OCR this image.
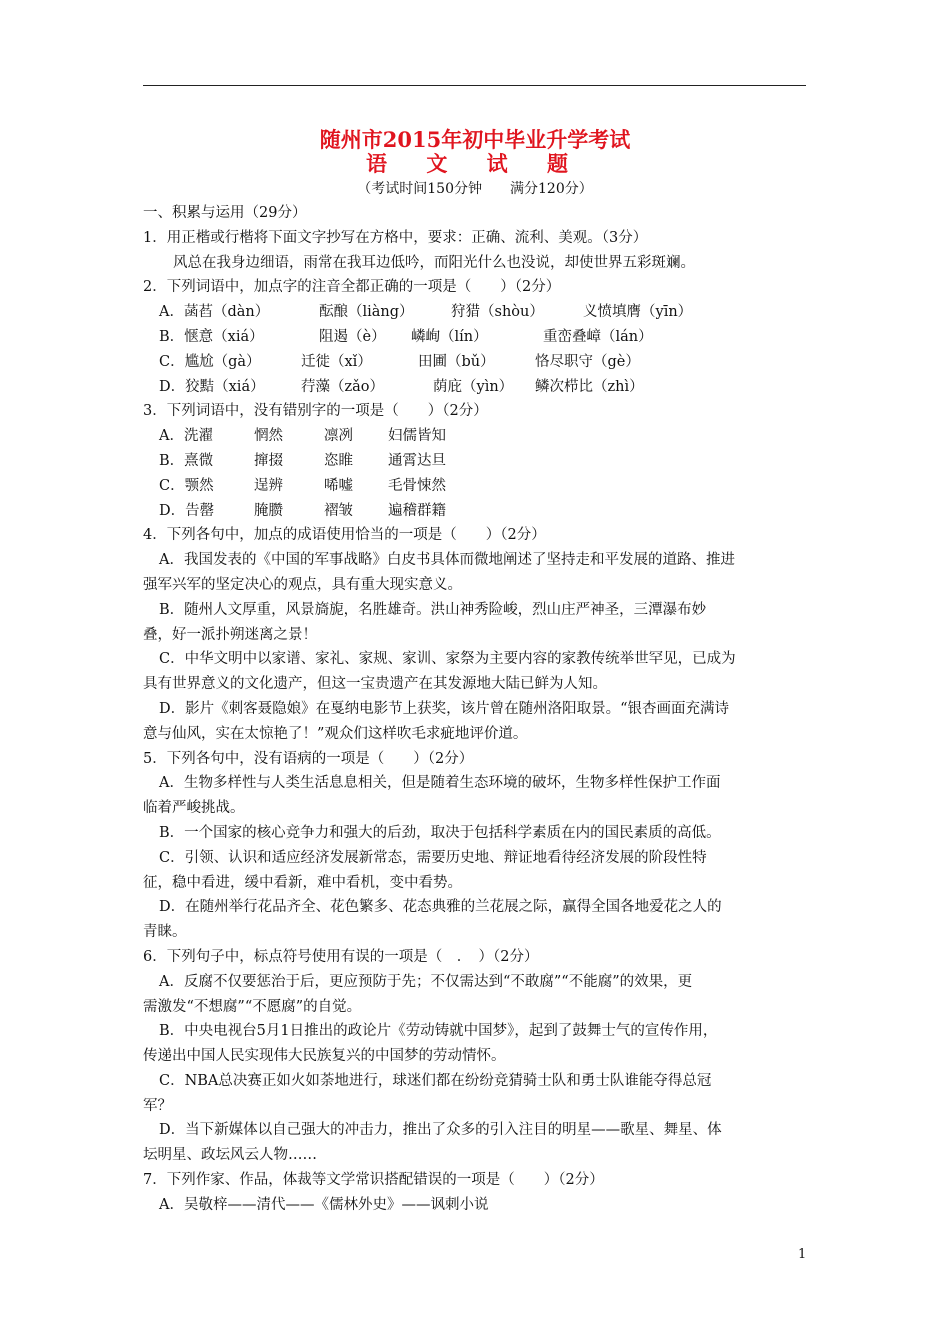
随州市2015年初中毕业升学考试
语 文 试 题
（考试时间150分钟 满分120分）
一、积累与运用（29分）
1．用正楷或行楷将下面文字抄写在方格中，要求：正确、流利、美观。（3分）
风总在我身边细语，雨常在我耳边低吟，而阳光什么也没说，却使世界五彩斑斓。
2．下列词语中，加点字的注音全都正确的一项是（　　）（2分）
A．菡萏（dàn）	酝酿（liàng）	狩猎（shòu）	义愤填膺（yīn）
B．惬意（xiá）	阻遏（è） 嶙峋（lín）	重峦叠嶂（lán）
C．尴尬（gà）	迁徙（xǐ）	田圃（bǔ）	恪尽职守（gè）
D．狡黠（xiá）	荇藻（zǎo）	荫庇（yìn） 鳞次栉比（zhì）
3．下列词语中，没有错别字的一项是（　　）（2分）
A．洗濯	惘然	凛冽 妇儒皆知
B．熹微	撺掇	恣睢 通霄达旦
C．颚然	逞辨	唏嘘 毛骨悚然
D．告罄	腌臜	褶皱 遍稽群籍
4．下列各句中，加点的成语使用恰当的一项是（　　）（2分）
A．我国发表的《中国的军事战略》白皮书具体而微地阐述了坚持走和平发展的道路、推进
强军兴军的坚定决心的观点，具有重大现实意义。
B．随州人文厚重，风景旖旎，名胜雄奇。洪山神秀险峻，烈山庄严神圣，三潭瀑布妙
叠，好一派扑朔迷离之景！
C．中华文明中以家谱、家礼、家规、家训、家祭为主要内容的家教传统举世罕见，已成为
具有世界意义的文化遗产，但这一宝贵遗产在其发源地大陆已鲜为人知。
D．影片《刺客聂隐娘》在戛纳电影节上获奖，该片曾在随州洛阳取景。“银杏画面充满诗
意与仙风，实在太惊艳了！”观众们这样吹毛求疵地评价道。
5．下列各句中，没有语病的一项是（　　）（2分）
A．生物多样性与人类生活息息相关，但是随着生态环境的破坏，生物多样性保护工作面
临着严峻挑战。
B．一个国家的核心竞争力和强大的后劲，取决于包括科学素质在内的国民素质的高低。
C．引领、认识和适应经济发展新常态，需要历史地、辩证地看待经济发展的阶段性特
征，稳中看进，缓中看新，难中看机，变中看势。
D．在随州举行花品齐全、花色繁多、花态典雅的兰花展之际，赢得全国各地爱花之人的
青睐。
6．下列句子中，标点符号使用有误的一项是（　．　）（2分）
A．反腐不仅要惩治于后，更应预防于先；不仅需达到“不敢腐”“不能腐”的效果，更
需激发“不想腐”“不愿腐”的自觉。
B．中央电视台5月1日推出的政论片《劳动铸就中国梦》，起到了鼓舞士气的宣传作用，
传递出中国人民实现伟大民族复兴的中国梦的劳动情怀。
C．NBA总决赛正如火如荼地进行，球迷们都在纷纷竞猜骑士队和勇士队谁能夺得总冠
军？
D．当下新媒体以自己强大的冲击力，推出了众多的引入注目的明星——歌星、舞星、体
坛明星、政坛风云人物……
7．下列作家、作品，体裁等文学常识搭配错误的一项是（　　）（2分）
A．吴敬梓——清代——《儒林外史》——讽刺小说
1
